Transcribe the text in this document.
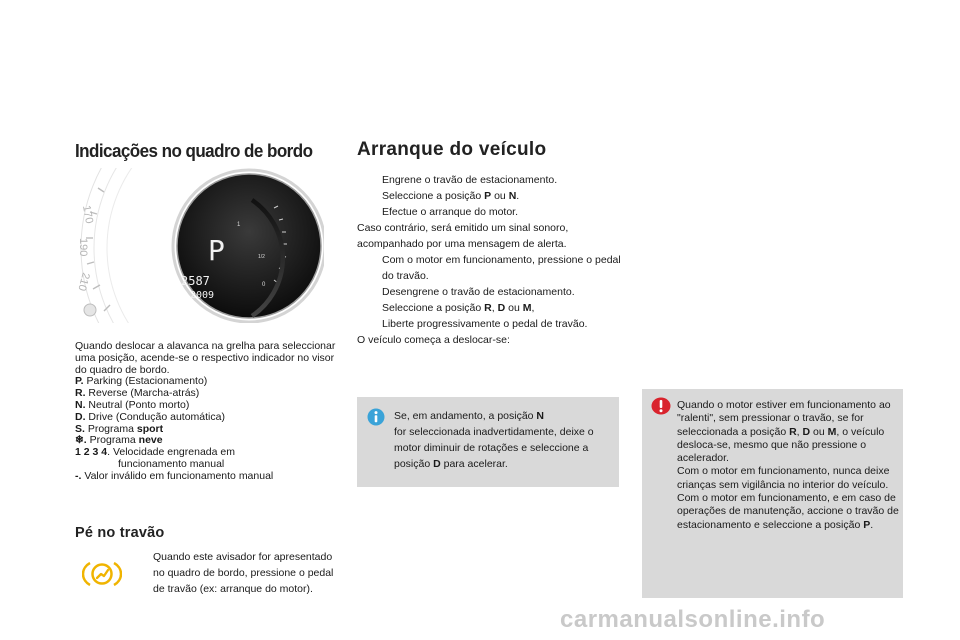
Indicações no quadro de bordo Arranque do veículo
170
190
210
1
1/2
0
P
2587
2009
Quando deslocar a alavanca na grelha para seleccionar uma posição, acende-se o respectivo indicador no visor do quadro de bordo.
P. Parking (Estacionamento)
R. Reverse (Marcha-atrás)
N. Neutral (Ponto morto)
D. Drive (Condução automática)
S. Programa sport
❄. Programa neve
1 2 3 4. Velocidade engrenada em
funcionamento manual
-. Valor inválido em funcionamento manual
Pé no travão
Quando este avisador for apresentado no quadro de bordo, pressione o pedal de travão (ex: arranque do motor).
Engrene o travão de estacionamento.
Seleccione a posição P ou N.
Efectue o arranque do motor.
Caso contrário, será emitido um sinal sonoro, acompanhado por uma mensagem de alerta.
Com o motor em funcionamento, pressione o pedal do travão.
Desengrene o travão de estacionamento.
Seleccione a posição R, D ou M,
Liberte progressivamente o pedal de travão.
O veículo começa a deslocar-se:
Se, em andamento, a posição N
for seleccionada inadvertidamente, deixe o motor diminuir de rotações e seleccione a posição D para acelerar.
Quando o motor estiver em funcionamento ao "ralenti", sem pressionar o travão, se for seleccionada a posição R, D ou M, o veículo desloca-se, mesmo que não pressione o acelerador.
Com o motor em funcionamento, nunca deixe crianças sem vigilância no interior do veículo.
Com o motor em funcionamento, e em caso de operações de manutenção, accione o travão de estacionamento e seleccione a posição P.
carmanualsonline.info
